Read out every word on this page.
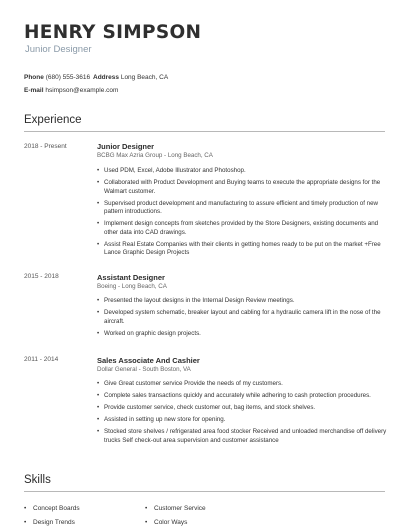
HENRY SIMPSON
Junior Designer
Phone (680) 555-3616 Address Long Beach, CA
E-mail hsimpson@example.com
Experience
2018 - Present	Junior Designer
BCBG Max Azria Group - Long Beach, CA
• Used PDM, Excel, Adobe Illustrator and Photoshop.
• Collaborated with Product Development and Buying teams to execute the appropriate designs for the Walmart customer.
• Supervised product development and manufacturing to assure efficient and timely production of new pattern introductions.
• Implement design concepts from sketches provided by the Store Designers, existing documents and other data into CAD drawings.
• Assist Real Estate Companies with their clients in getting homes ready to be put on the market +Free Lance Graphic Design Projects
2015 - 2018	Assistant Designer
Boeing - Long Beach, CA
• Presented the layout designs in the Internal Design Review meetings.
• Developed system schematic, breaker layout and cabling for a hydraulic camera lift in the nose of the aircraft.
• Worked on graphic design projects.
2011 - 2014	Sales Associate And Cashier
Dollar General - South Boston, VA
• Give Great customer service Provide the needs of my customers.
• Complete sales transactions quickly and accurately while adhering to cash protection procedures.
• Provide customer service, check customer out, bag items, and stock shelves.
• Assisted in setting up new store for opening.
• Stocked store shelves / refrigerated area food stocker Received and unloaded merchandise off delivery trucks Self check-out area supervision and customer assistance
Skills
• Concept Boards	• Customer Service
• Design Trends	• Color Ways
